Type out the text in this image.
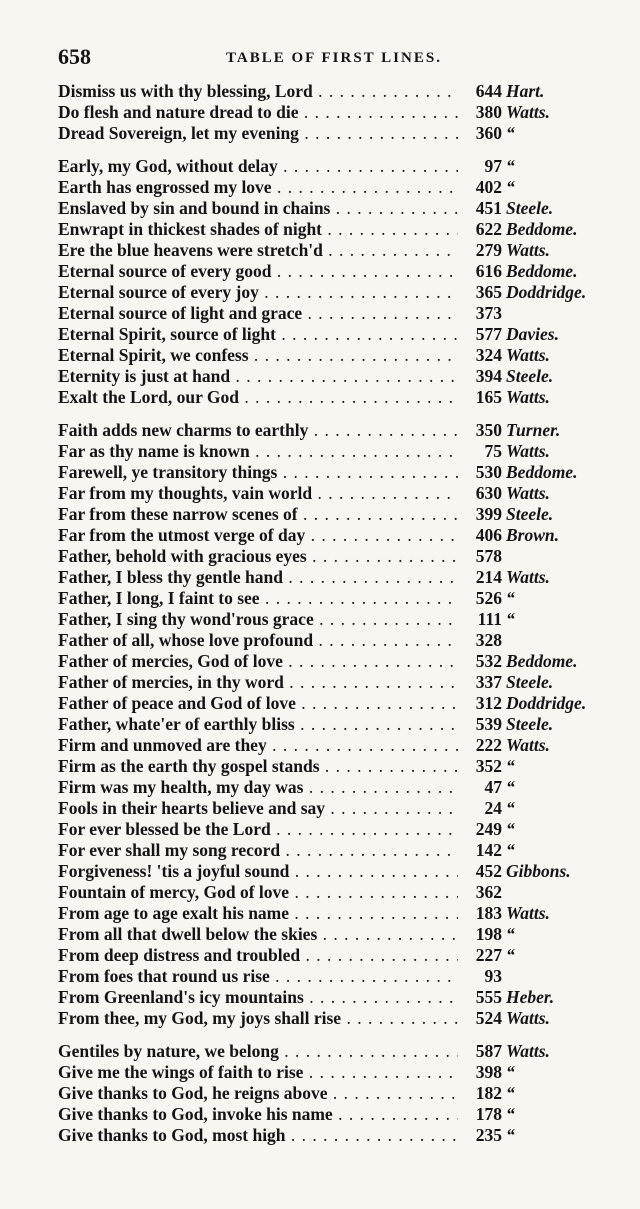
658	TABLE OF FIRST LINES.
Dismiss us with thy blessing, Lord . . .	644 Hart.
Do flesh and nature dread to die . . .	380 Watts.
Dread Sovereign, let my evening . . .	360 “
Early, my God, without delay . . .	97 “
Earth has engrossed my love . . .	402 “
Enslaved by sin and bound in chains . . .	451 Steele.
Enwrapt in thickest shades of night . . .	622 Beddome.
Ere the blue heavens were stretch'd . . .	279 Watts.
Eternal source of every good . . .	616 Beddome.
Eternal source of every joy . . .	365 Doddridge.
Eternal source of light and grace . . .	373
Eternal Spirit, source of light . . .	577 Davies.
Eternal Spirit, we confess . . .	324 Watts.
Eternity is just at hand . . .	394 Steele.
Exalt the Lord, our God . . .	165 Watts.
Faith adds new charms to earthly . . .	350 Turner.
Far as thy name is known . . .	75 Watts.
Farewell, ye transitory things . . .	530 Beddome.
Far from my thoughts, vain world . . .	630 Watts.
Far from these narrow scenes of . . .	399 Steele.
Far from the utmost verge of day . . .	406 Brown.
Father, behold with gracious eyes . . .	578
Father, I bless thy gentle hand . . .	214 Watts.
Father, I long, I faint to see . . .	526 “
Father, I sing thy wond'rous grace . . .	111 “
Father of all, whose love profound . . .	328
Father of mercies, God of love . . .	532 Beddome.
Father of mercies, in thy word . . .	337 Steele.
Father of peace and God of love . . .	312 Doddridge.
Father, whate'er of earthly bliss . . .	539 Steele.
Firm and unmoved are they . . .	222 Watts.
Firm as the earth thy gospel stands . . .	352 “
Firm was my health, my day was . . .	47 “
Fools in their hearts believe and say . . .	24 “
For ever blessed be the Lord . . .	249 “
For ever shall my song record . . .	142 “
Forgiveness! 'tis a joyful sound . . .	452 Gibbons.
Fountain of mercy, God of love . . .	362
From age to age exalt his name . . .	183 Watts.
From all that dwell below the skies . . .	198 “
From deep distress and troubled . . .	227 “
From foes that round us rise . . .	93
From Greenland's icy mountains . . .	555 Heber.
From thee, my God, my joys shall rise . . .	524 Watts.
Gentiles by nature, we belong . . .	587 Watts.
Give me the wings of faith to rise . . .	398 “
Give thanks to God, he reigns above . . .	182 “
Give thanks to God, invoke his name . . .	178 “
Give thanks to God, most high . . .	235 “
